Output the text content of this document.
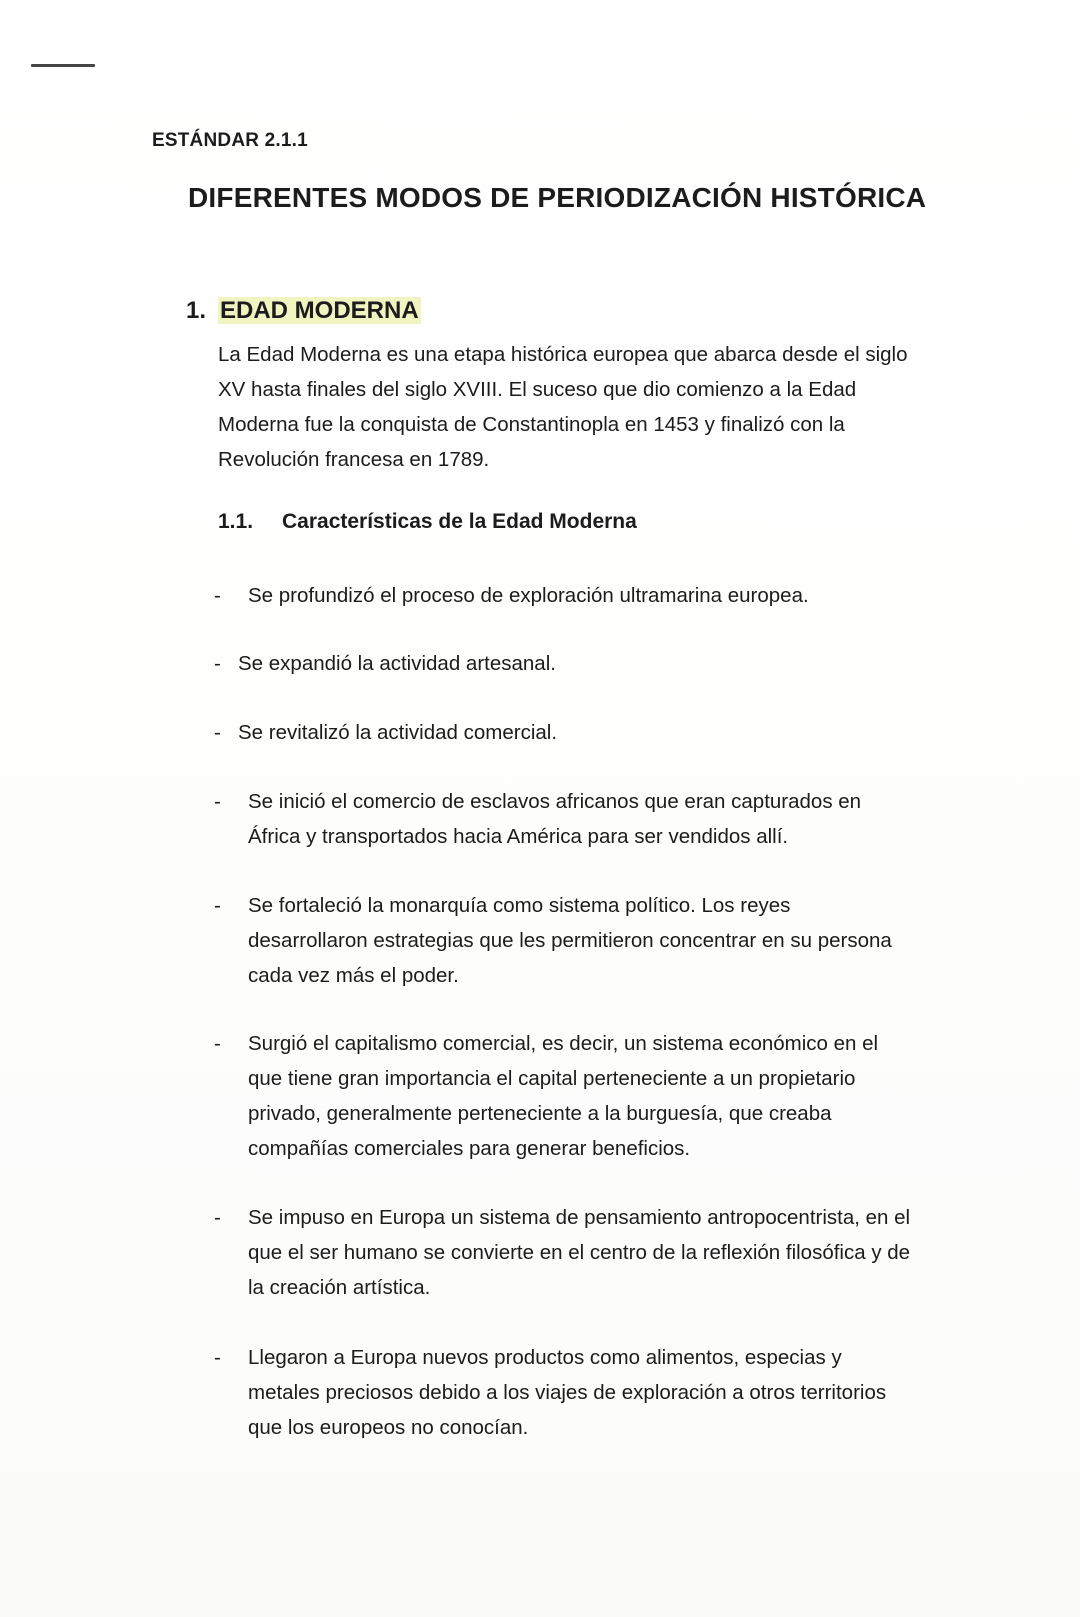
ESTÁNDAR 2.1.1
DIFERENTES MODOS DE PERIODIZACIÓN HISTÓRICA
1. EDAD MODERNA

La Edad Moderna es una etapa histórica europea que abarca desde el siglo XV hasta finales del siglo XVIII. El suceso que dio comienzo a la Edad Moderna fue la conquista de Constantinopla en 1453 y finalizó con la Revolución francesa en 1789.

1.1. Características de la Edad Moderna
-	Se profundizó el proceso de exploración ultramarina europea.
- Se expandió la actividad artesanal.
- Se revitalizó la actividad comercial.
-	Se inició el comercio de esclavos africanos que eran capturados en África y transportados hacia América para ser vendidos allí.
-	Se fortaleció la monarquía como sistema político. Los reyes desarrollaron estrategias que les permitieron concentrar en su persona cada vez más el poder.
-	Surgió el capitalismo comercial, es decir, un sistema económico en el que tiene gran importancia el capital perteneciente a un propietario privado, generalmente perteneciente a la burguesía, que creaba compañías comerciales para generar beneficios.
-	Se impuso en Europa un sistema de pensamiento antropocentrista, en el que el ser humano se convierte en el centro de la reflexión filosófica y de la creación artística.
-	Llegaron a Europa nuevos productos como alimentos, especias y metales preciosos debido a los viajes de exploración a otros territorios que los europeos no conocían.
